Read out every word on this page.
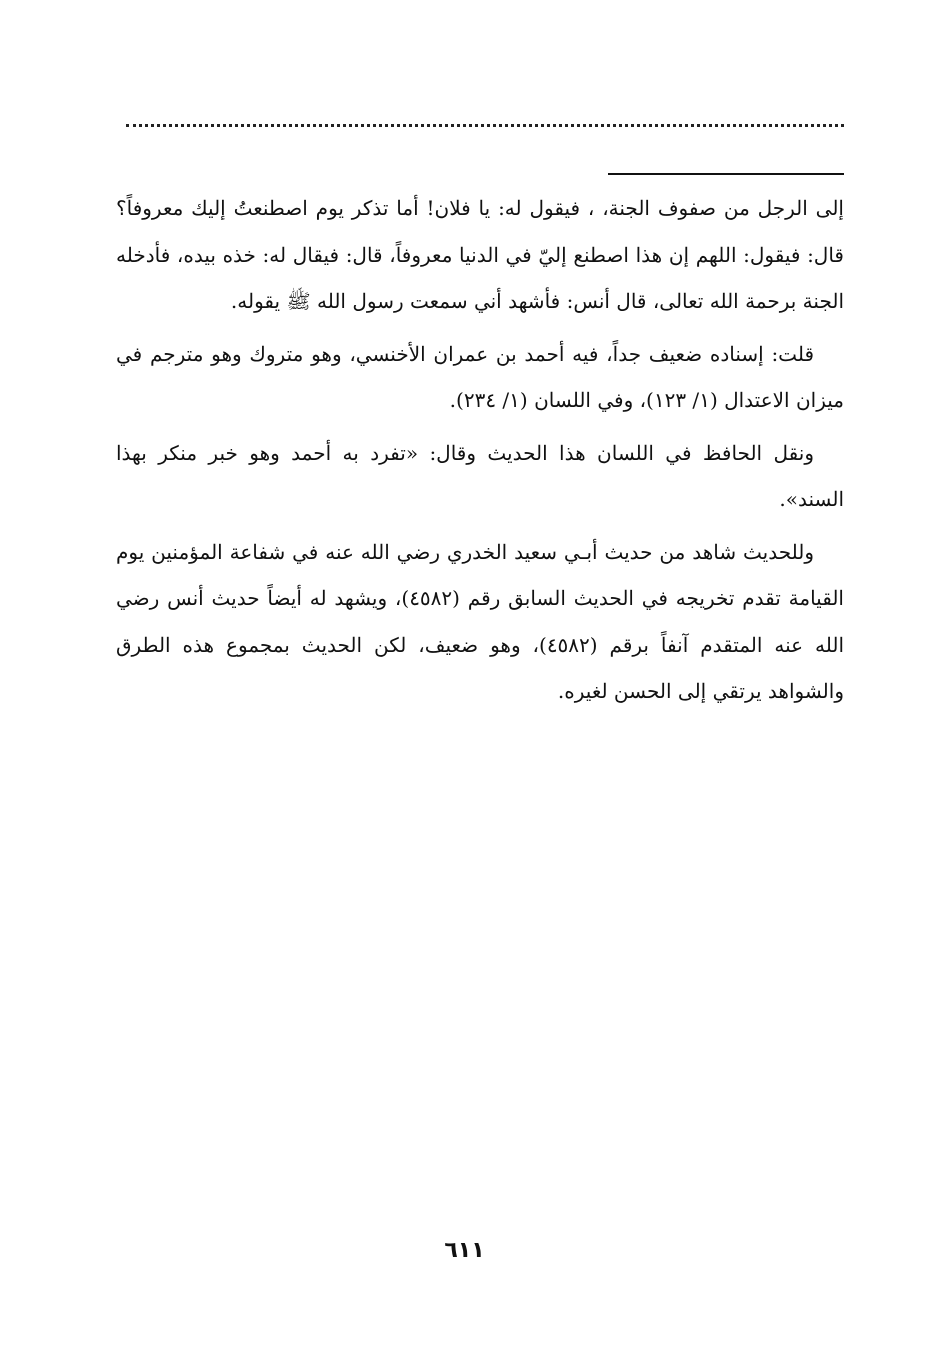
إلى الرجل من صفوف الجنة، ، فيقول له: يا فلان! أما تذكر يوم اصطنعتُ إليك معروفاً؟ قال: فيقول: اللهم إن هذا اصطنع إليّ في الدنيا معروفاً، قال: فيقال له: خذه بيده، فأدخله الجنة برحمة الله تعالى، قال أنس: فأشهد أني سمعت رسول الله ﷺ يقوله.

قلت: إسناده ضعيف جداً، فيه أحمد بن عمران الأخنسي، وهو متروك وهو مترجم في ميزان الاعتدال (١/ ١٢٣)، وفي اللسان (١/ ٢٣٤).

ونقل الحافظ في اللسان هذا الحديث وقال: «تفرد به أحمد وهو خبر منكر بهذا السند».

وللحديث شاهد من حديث أبـي سعيد الخدري رضي الله عنه في شفاعة المؤمنين يوم القيامة تقدم تخريجه في الحديث السابق رقم (٤٥٨٢)، ويشهد له أيضاً حديث أنس رضي الله عنه المتقدم آنفاً برقم (٤٥٨٢)، وهو ضعيف، لكن الحديث بمجموع هذه الطرق والشواهد يرتقي إلى الحسن لغيره.

٦١١
